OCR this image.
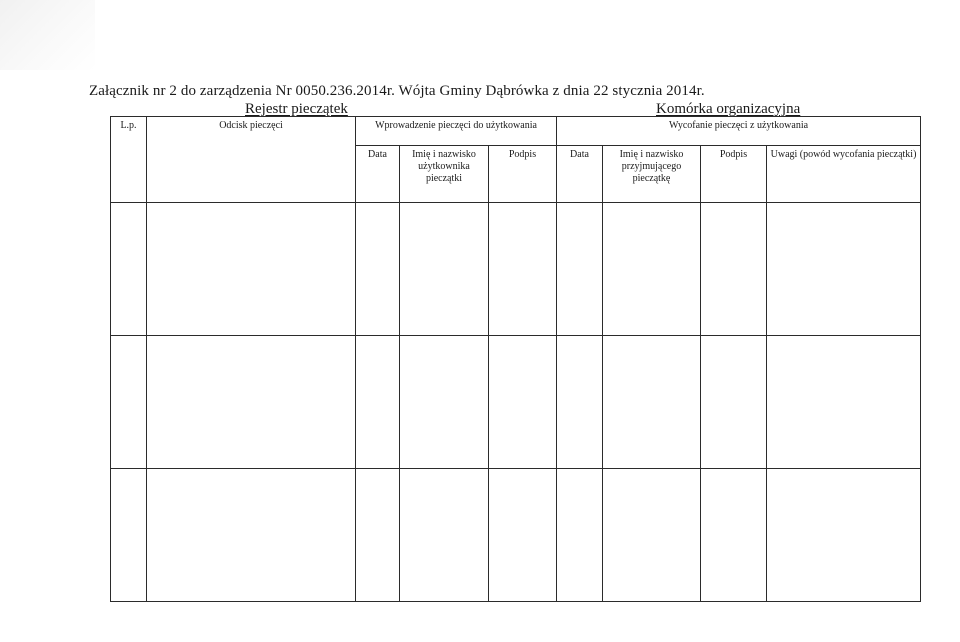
Załącznik nr 2 do zarządzenia Nr 0050.236.2014r. Wójta Gminy Dąbrówka z dnia 22 stycznia 2014r.
Rejestr pieczątek	Komórka organizacyjna
L.p.	Odcisk pieczęci	Wprowadzenie pieczęci do użytkowania			Wycofanie pieczęci z użytkowania			
		Data	Imię i nazwisko użytkownika pieczątki	Podpis	Data	Imię i nazwisko przyjmującego pieczątkę	Podpis	Uwagi (powód wycofania pieczątki)
